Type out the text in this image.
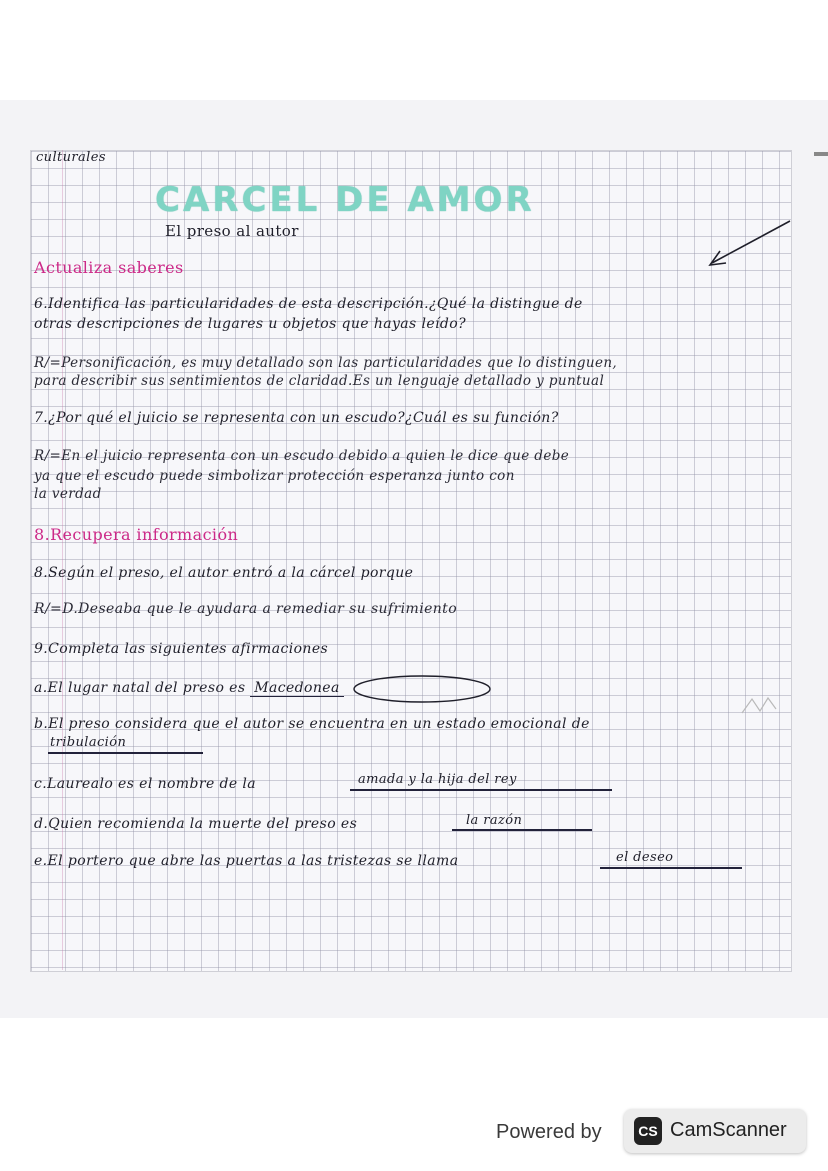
culturales
CARCEL DE AMOR
El preso al autor
Actualiza saberes
6.Identifica las particularidades de esta descripción.¿Qué la distingue de
otras descripciones de lugares u objetos que hayas leído?
R/=Personificación, es muy detallado son las particularidades que lo distinguen,
para describir sus sentimientos de claridad.Es un lenguaje detallado y puntual
7.¿Por qué el juicio se representa con un escudo?¿Cuál es su función?
R/=En el juicio representa con un escudo debido a quien le dice que debe
ya que el escudo puede simbolizar protección esperanza junto con
la verdad
8.Recupera información
8.Según el preso, el autor entró a la cárcel porque
R/=D.Deseaba que le ayudara a remediar su sufrimiento
9.Completa las siguientes afirmaciones
a.El lugar natal del preso es Macedonea
b.El preso considera que el autor se encuentra en un estado emocional de
tribulación
c.Laurealo es el nombre de la	amada y la hija del rey
d.Quien recomienda la muerte del preso es	la razón
e.El portero que abre las puertas a las tristezas se llama	el deseo
Powered by	CS CamScanner
